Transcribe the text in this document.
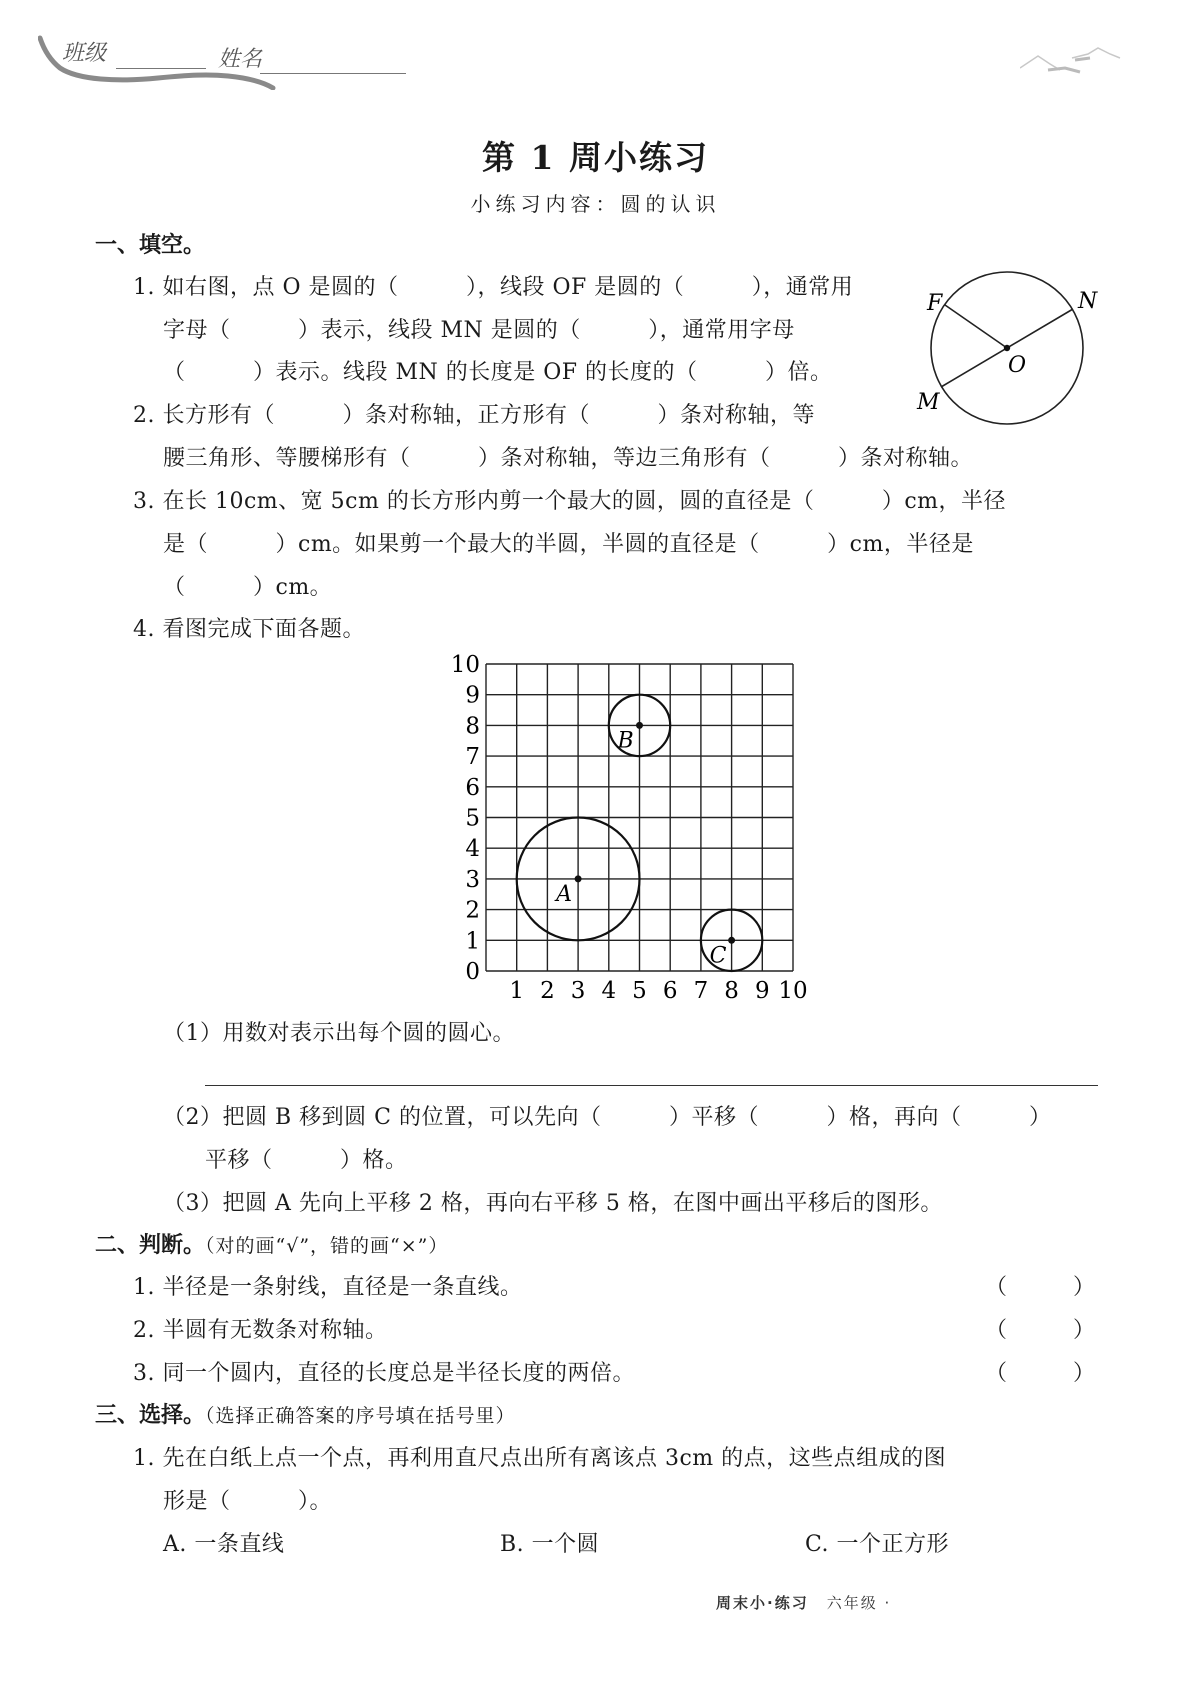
班级	姓名
第 1 周小练习
小练习内容：圆的认识
一、填空。
1. 如右图，点 O 是圆的（　　　），线段 OF 是圆的（　　　），通常用
字母（　　　）表示，线段 MN 是圆的（　　　），通常用字母
（　　　）表示。线段 MN 的长度是 OF 的长度的（　　　）倍。
F	N
O
M
2. 长方形有（　　　）条对称轴，正方形有（　　　）条对称轴，等
腰三角形、等腰梯形有（　　　）条对称轴，等边三角形有（　　　）条对称轴。
3. 在长 10cm、宽 5cm 的长方形内剪一个最大的圆，圆的直径是（　　　）cm，半径
是（　　　）cm。如果剪一个最大的半圆，半圆的直径是（　　　）cm，半径是
（　　　）cm。
4. 看图完成下面各题。
0
1
2
3
4
5
6
7
8
9
10
1 2 3 4 5 6 7 8 9 10
A
B
C
（1）用数对表示出每个圆的圆心。
（2）把圆 B 移到圆 C 的位置，可以先向（　　　）平移（　　　）格，再向（　　　）
平移（　　　）格。
（3）把圆 A 先向上平移 2 格，再向右平移 5 格，在图中画出平移后的图形。
二、判断。（对的画“√”，错的画“×”）
1. 半径是一条射线，直径是一条直线。	（　　　）
2. 半圆有无数条对称轴。	（　　　）
3. 同一个圆内，直径的长度总是半径长度的两倍。	（　　　）
三、选择。（选择正确答案的序号填在括号里）
1. 先在白纸上点一个点，再利用直尺点出所有离该点 3cm 的点，这些点组成的图
形是（　　　）。
A. 一条直线	B. 一个圆	C. 一个正方形
周末小·练习 六年级 ·
